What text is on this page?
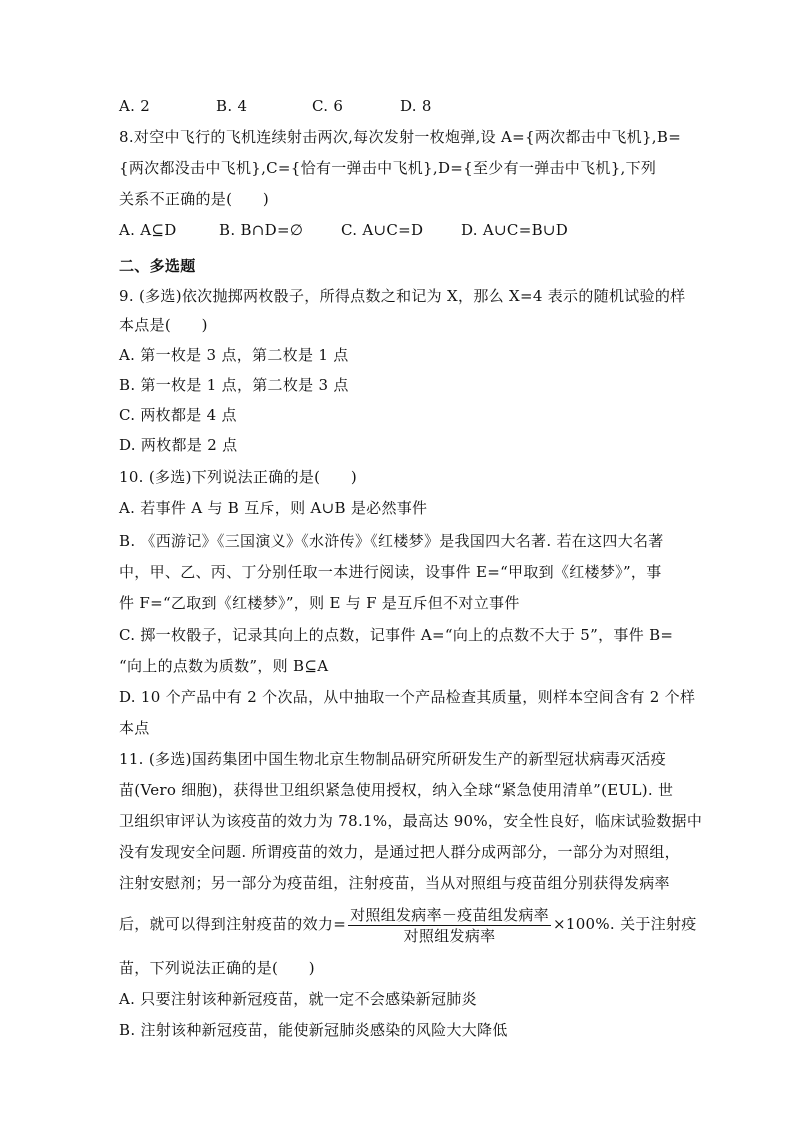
A. 2	B. 4	C. 6	D. 8
8.对空中飞行的飞机连续射击两次,每次发射一枚炮弹,设 A={两次都击中飞机},B=
{两次都没击中飞机},C={恰有一弹击中飞机},D={至少有一弹击中飞机},下列
关系不正确的是(　　)
A. A⊆D	B. B∩D=∅	C. A∪C=D	D. A∪C=B∪D
二、多选题
9. (多选)依次抛掷两枚骰子，所得点数之和记为 X，那么 X=4 表示的随机试验的样
本点是(　　)
A. 第一枚是 3 点，第二枚是 1 点
B. 第一枚是 1 点，第二枚是 3 点
C. 两枚都是 4 点
D. 两枚都是 2 点
10. (多选)下列说法正确的是(　　)
A. 若事件 A 与 B 互斥，则 A∪B 是必然事件
B. 《西游记》《三国演义》《水浒传》《红楼梦》是我国四大名著. 若在这四大名著
中，甲、乙、丙、丁分别任取一本进行阅读，设事件 E=“甲取到《红楼梦》”，事
件 F=“乙取到《红楼梦》”，则 E 与 F 是互斥但不对立事件
C. 掷一枚骰子，记录其向上的点数，记事件 A=“向上的点数不大于 5”，事件 B=
“向上的点数为质数”，则 B⊆A
D. 10 个产品中有 2 个次品，从中抽取一个产品检查其质量，则样本空间含有 2 个样
本点
11. (多选)国药集团中国生物北京生物制品研究所研发生产的新型冠状病毒灭活疫
苗(Vero 细胞)，获得世卫组织紧急使用授权，纳入全球“紧急使用清单”(EUL). 世
卫组织审评认为该疫苗的效力为 78.1%，最高达 90%，安全性良好，临床试验数据中
没有发现安全问题. 所谓疫苗的效力，是通过把人群分成两部分，一部分为对照组，
注射安慰剂；另一部分为疫苗组，注射疫苗，当从对照组与疫苗组分别获得发病率
后，就可以得到注射疫苗的效力= $\frac{\text{对照组发病率－疫苗组发病率}}{\text{对照组发病率}} \times 100\%$. 关于注射疫
苗，下列说法正确的是(　　)
A. 只要注射该种新冠疫苗，就一定不会感染新冠肺炎
B. 注射该种新冠疫苗，能使新冠肺炎感染的风险大大降低
